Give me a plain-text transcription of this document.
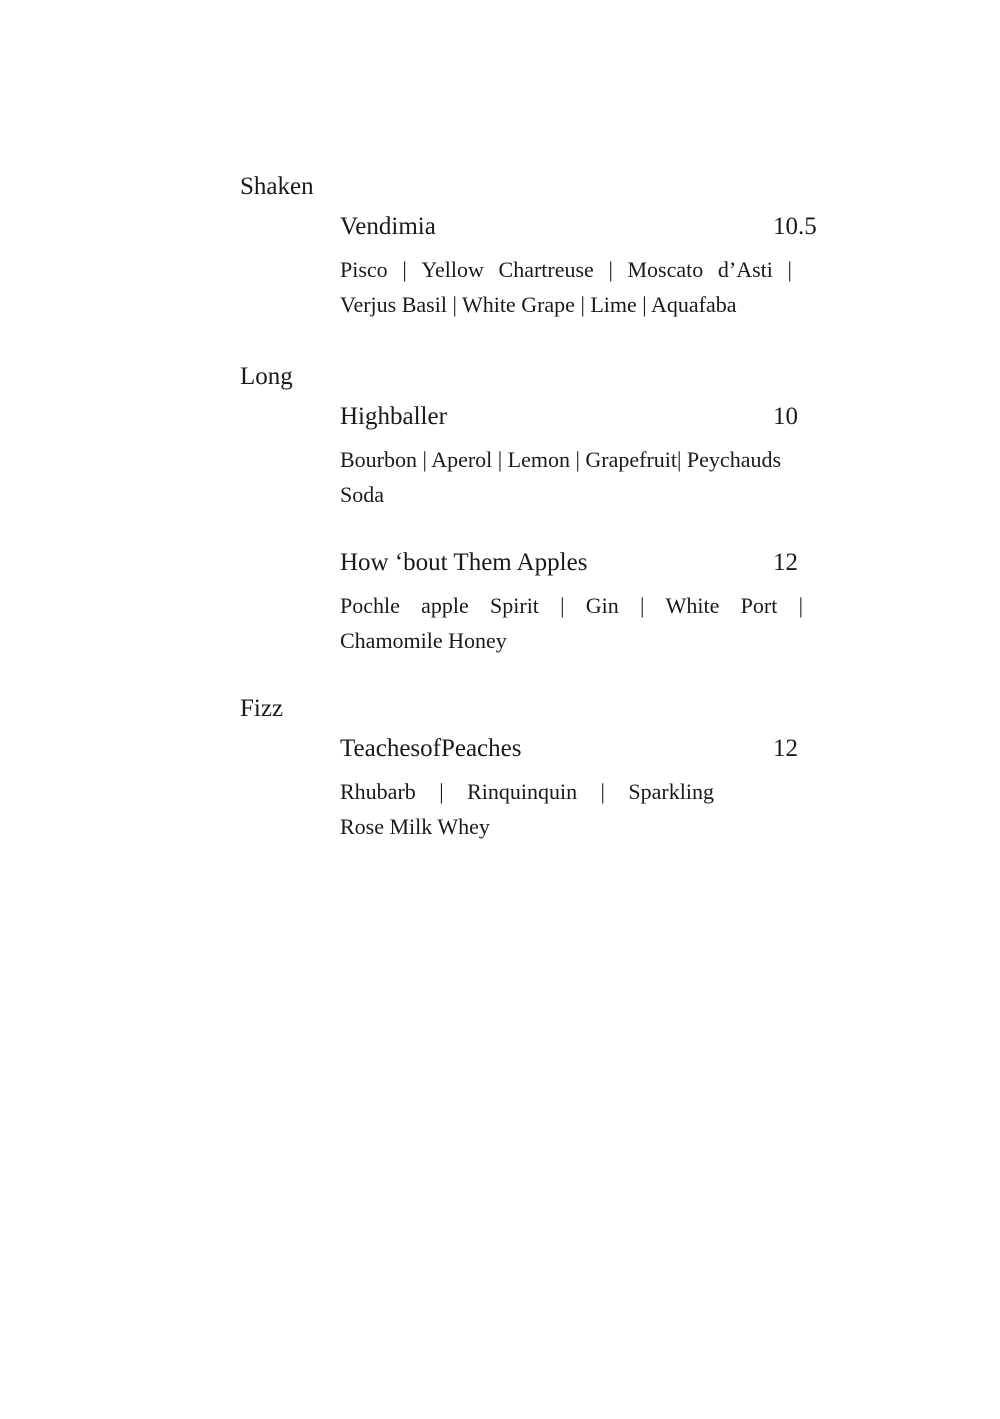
Shaken
Vendimia	10.5
Pisco | Yellow Chartreuse | Moscato d’Asti |
Verjus Basil | White Grape | Lime | Aquafaba
Long
Highballer	10
Bourbon | Aperol | Lemon | Grapefruit| Peychauds
Soda
How ‘bout Them Apples	12
Pochle apple Spirit | Gin | White Port |
Chamomile Honey
Fizz
TeachesofPeaches	12
Rhubarb | Rinquinquin | Sparkling
Rose Milk Whey
